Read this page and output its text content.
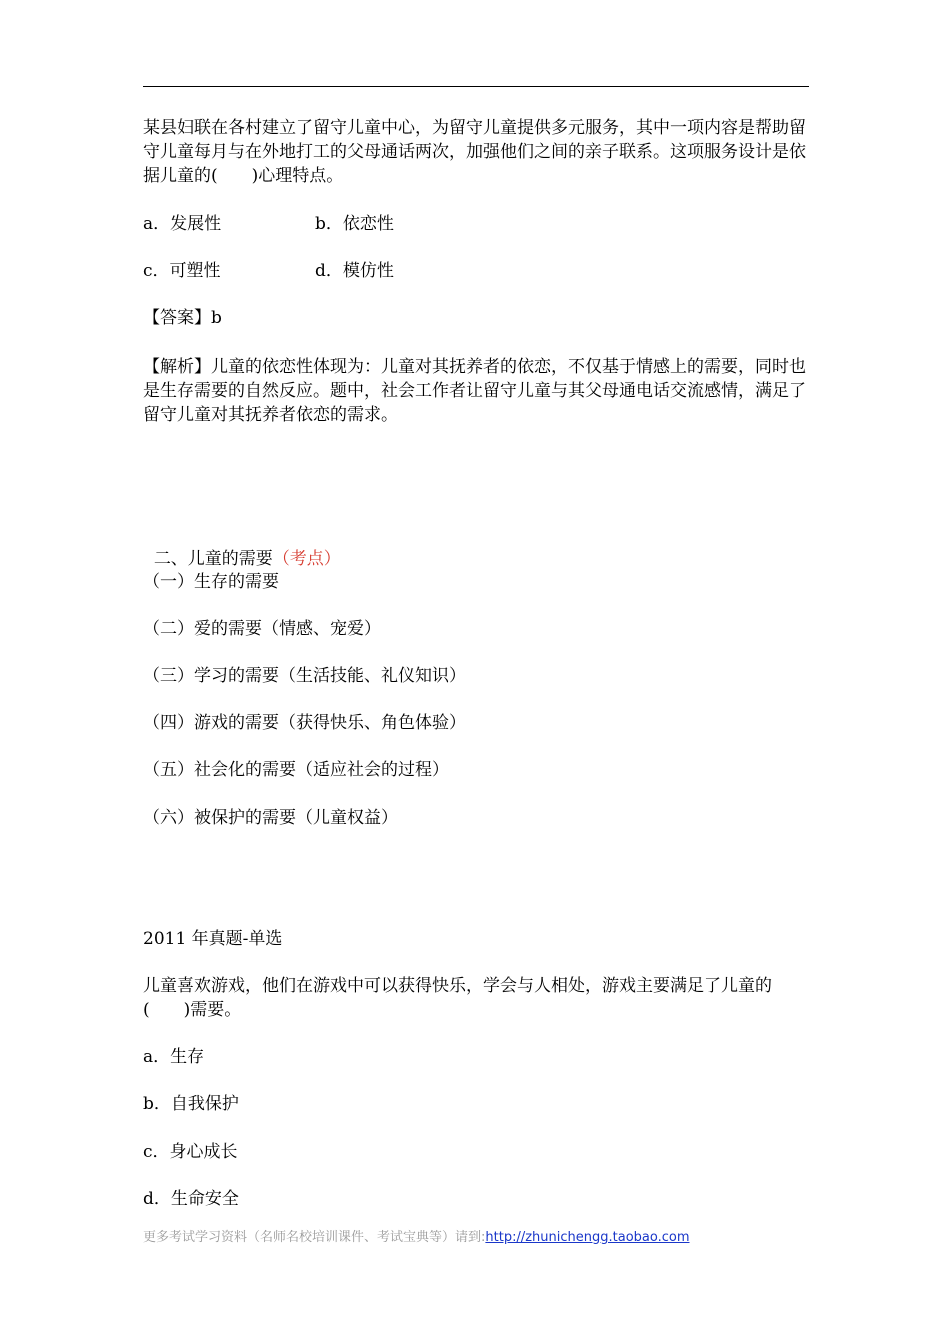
某县妇联在各村建立了留守儿童中心，为留守儿童提供多元服务，其中一项内容是帮助留守儿童每月与在外地打工的父母通话两次，加强他们之间的亲子联系。这项服务设计是依据儿童的(　　)心理特点。
a．发展性	b．依恋性
c．可塑性	d．模仿性
【答案】b
【解析】儿童的依恋性体现为：儿童对其抚养者的依恋，不仅基于情感上的需要，同时也是生存需要的自然反应。题中，社会工作者让留守儿童与其父母通电话交流感情，满足了留守儿童对其抚养者依恋的需求。

二、儿童的需要（考点）

（一）生存的需要
（二）爱的需要（情感、宠爱）
（三）学习的需要（生活技能、礼仪知识）
（四）游戏的需要（获得快乐、角色体验）
（五）社会化的需要（适应社会的过程）
（六）被保护的需要（儿童权益）
2011 年真题-单选
儿童喜欢游戏，他们在游戏中可以获得快乐，学会与人相处，游戏主要满足了儿童的(　　)需要。
a．生存
b．自我保护
c．身心成长
d．生命安全
更多考试学习资料（名师名校培训课件、考试宝典等）请到:http://zhunichengg.taobao.com
